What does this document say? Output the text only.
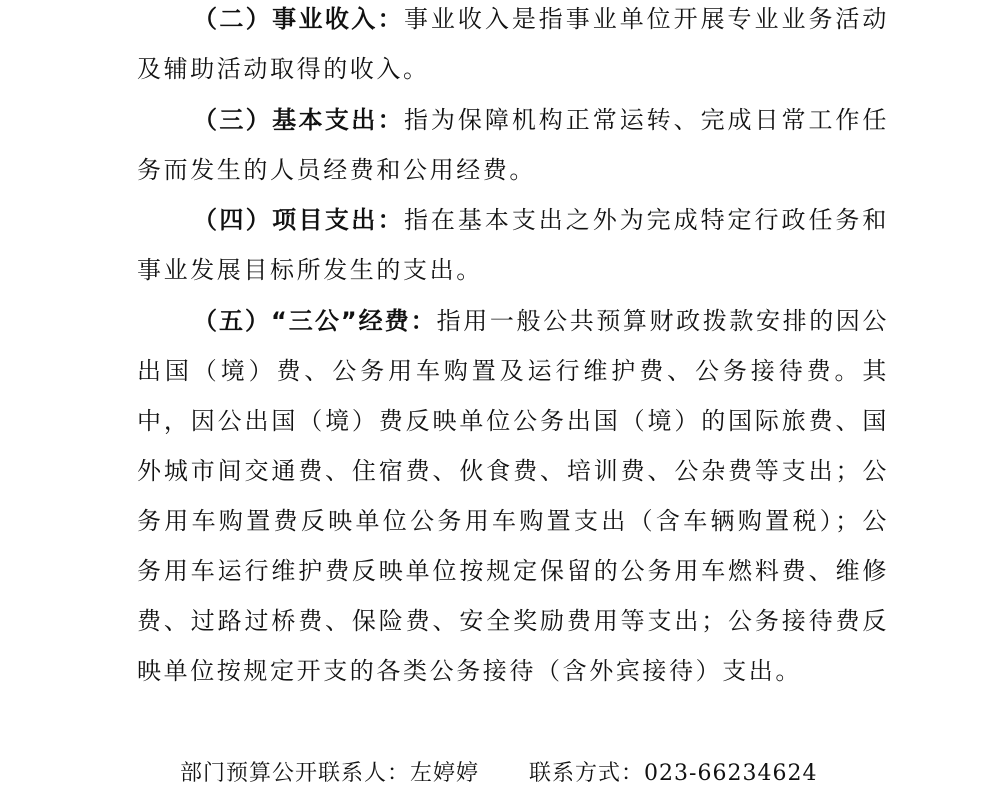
（二）事业收入：事业收入是指事业单位开展专业业务活动及辅助活动取得的收入。

（三）基本支出：指为保障机构正常运转、完成日常工作任务而发生的人员经费和公用经费。

（四）项目支出：指在基本支出之外为完成特定行政任务和事业发展目标所发生的支出。

（五）“三公”经费：指用一般公共预算财政拨款安排的因公出国（境）费、公务用车购置及运行维护费、公务接待费。其中，因公出国（境）费反映单位公务出国（境）的国际旅费、国外城市间交通费、住宿费、伙食费、培训费、公杂费等支出；公务用车购置费反映单位公务用车购置支出（含车辆购置税）；公务用车运行维护费反映单位按规定保留的公务用车燃料费、维修费、过路过桥费、保险费、安全奖励费用等支出；公务接待费反映单位按规定开支的各类公务接待（含外宾接待）支出。

部门预算公开联系人：左婷婷 联系方式：023-66234624
